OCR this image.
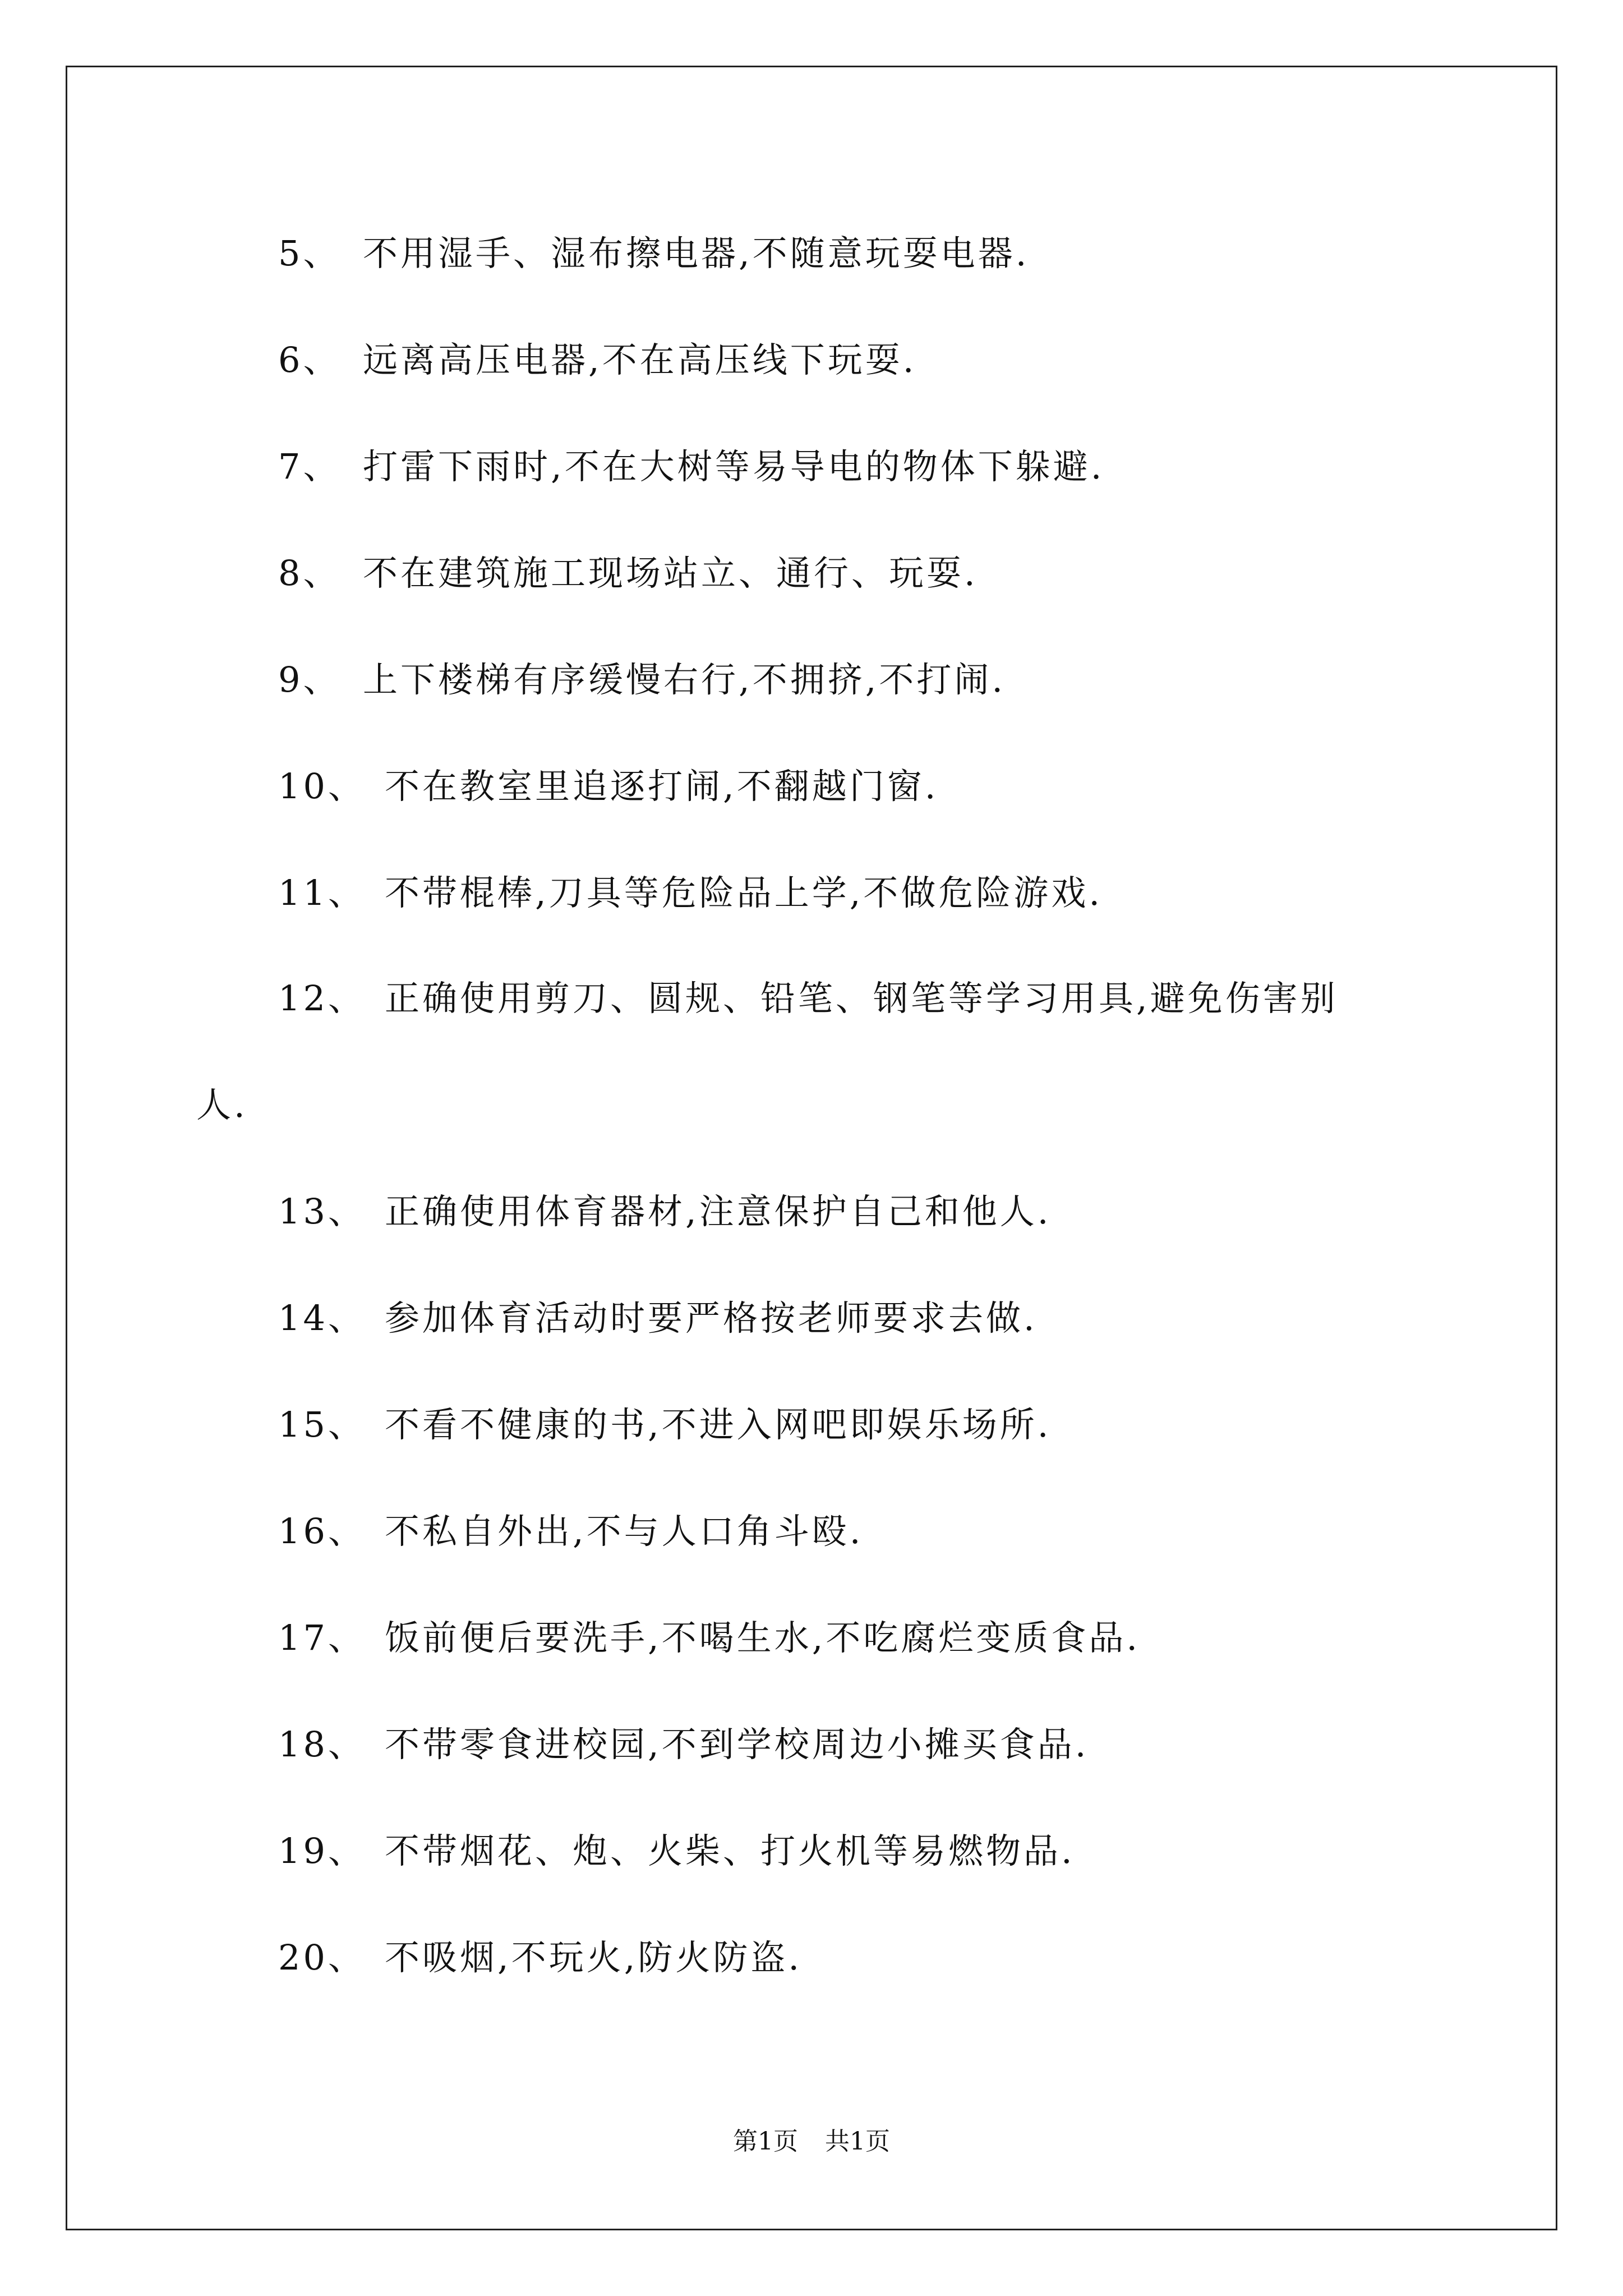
5、 不用湿手、湿布擦电器,不随意玩耍电器.
6、 远离高压电器,不在高压线下玩耍.
7、 打雷下雨时,不在大树等易导电的物体下躲避.
8、 不在建筑施工现场站立、通行、玩耍.
9、 上下楼梯有序缓慢右行,不拥挤,不打闹.
10、 不在教室里追逐打闹,不翻越门窗.
11、 不带棍棒,刀具等危险品上学,不做危险游戏.
12、 正确使用剪刀、圆规、铅笔、钢笔等学习用具,避免伤害别
人.
13、 正确使用体育器材,注意保护自己和他人.
14、 参加体育活动时要严格按老师要求去做.
15、 不看不健康的书,不进入网吧即娱乐场所.
16、 不私自外出,不与人口角斗殴.
17、 饭前便后要洗手,不喝生水,不吃腐烂变质食品.
18、 不带零食进校园,不到学校周边小摊买食品.
19、 不带烟花、炮、火柴、打火机等易燃物品.
20、 不吸烟,不玩火,防火防盗.
第1页 共1页
